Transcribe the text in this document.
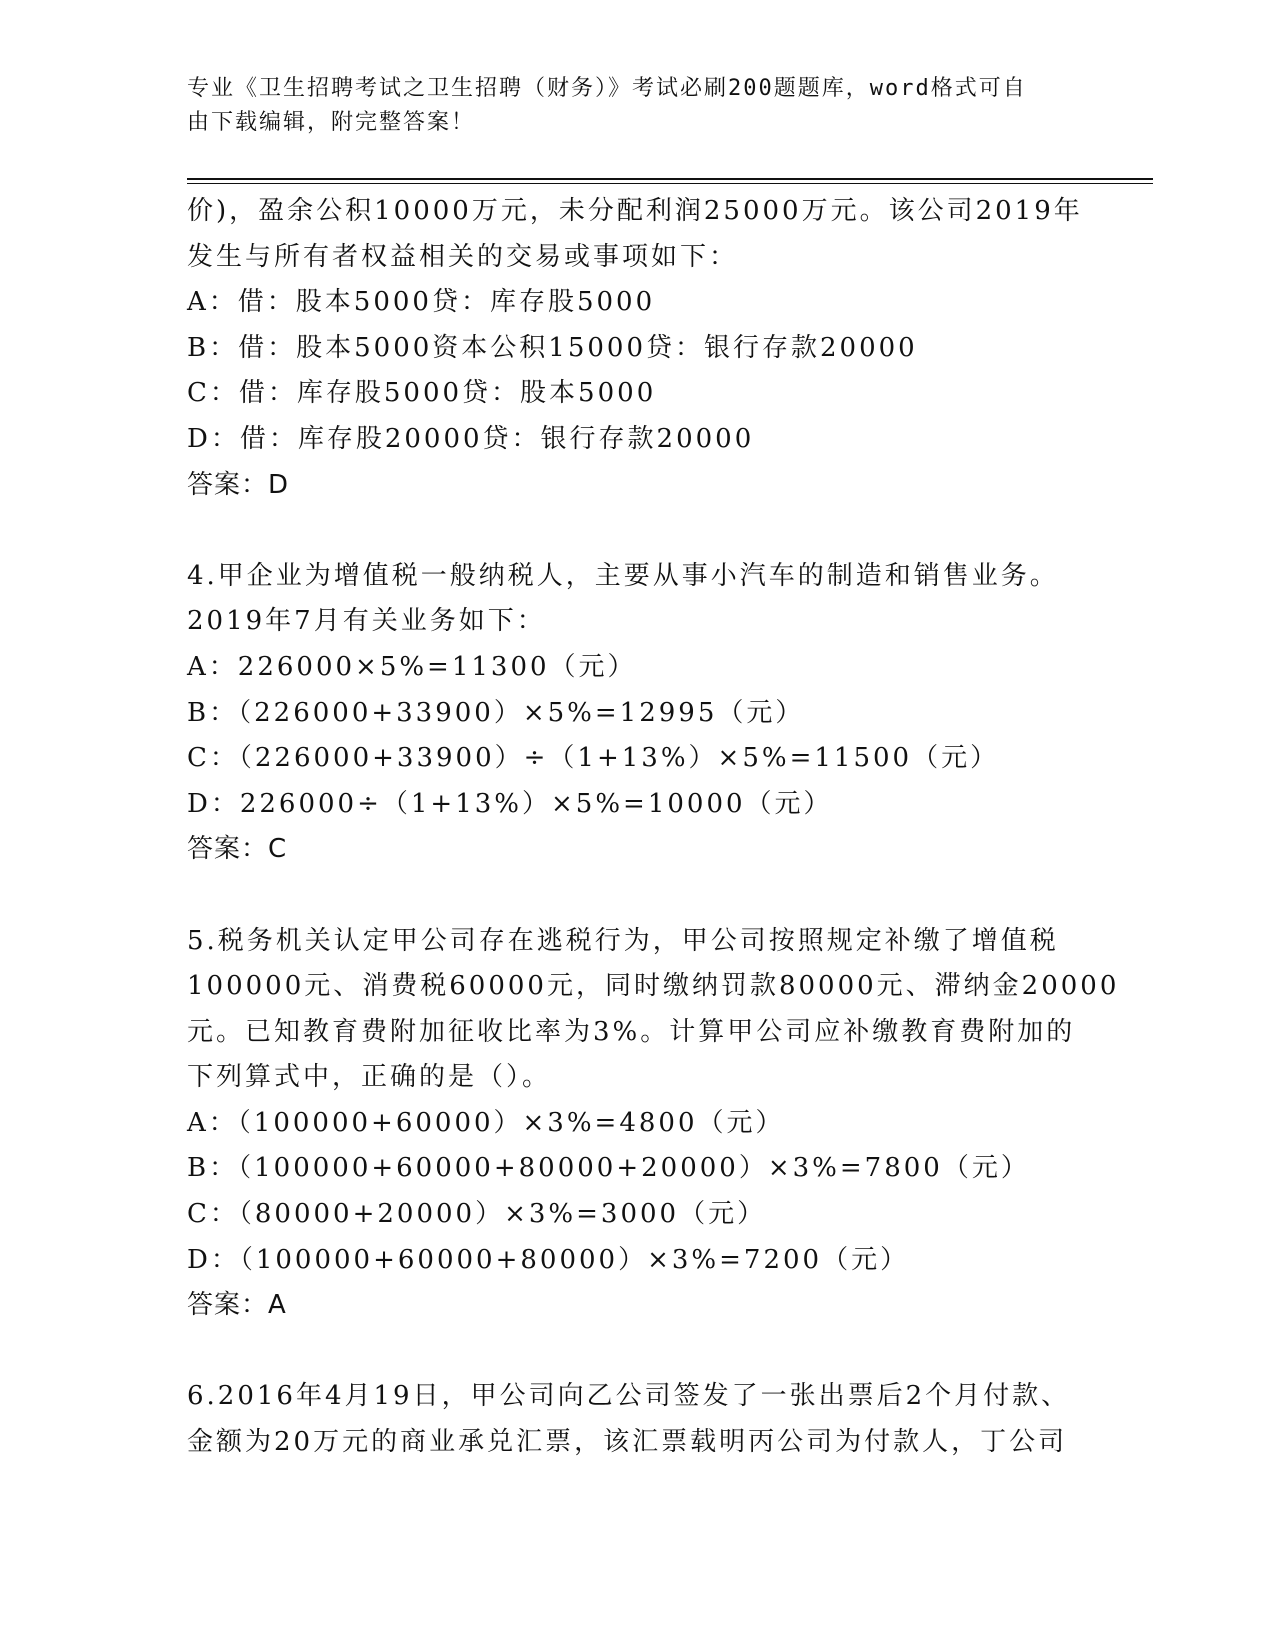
专业《卫生招聘考试之卫生招聘（财务）》考试必刷200题题库，word格式可自
由下载编辑，附完整答案！
价)，盈余公积10000万元，未分配利润25000万元。该公司2019年
发生与所有者权益相关的交易或事项如下：
A：借：股本5000贷：库存股5000
B：借：股本5000资本公积15000贷：银行存款20000
C：借：库存股5000贷：股本5000
D：借：库存股20000贷：银行存款20000
答案：D
4.甲企业为增值税一般纳税人，主要从事小汽车的制造和销售业务。
2019年7月有关业务如下：
A：226000×5%=11300（元）
B：（226000+33900）×5%=12995（元）
C：（226000+33900）÷（1+13%）×5%=11500（元）
D：226000÷（1+13%）×5%=10000（元）
答案：C
5.税务机关认定甲公司存在逃税行为，甲公司按照规定补缴了增值税
100000元、消费税60000元，同时缴纳罚款80000元、滞纳金20000
元。已知教育费附加征收比率为3%。计算甲公司应补缴教育费附加的
下列算式中，正确的是（）。
A：（100000+60000）×3%=4800（元）
B：（100000+60000+80000+20000）×3%=7800（元）
C：（80000+20000）×3%=3000（元）
D：（100000+60000+80000）×3%=7200（元）
答案：A
6.2016年4月19日，甲公司向乙公司签发了一张出票后2个月付款、
金额为20万元的商业承兑汇票，该汇票载明丙公司为付款人，丁公司
